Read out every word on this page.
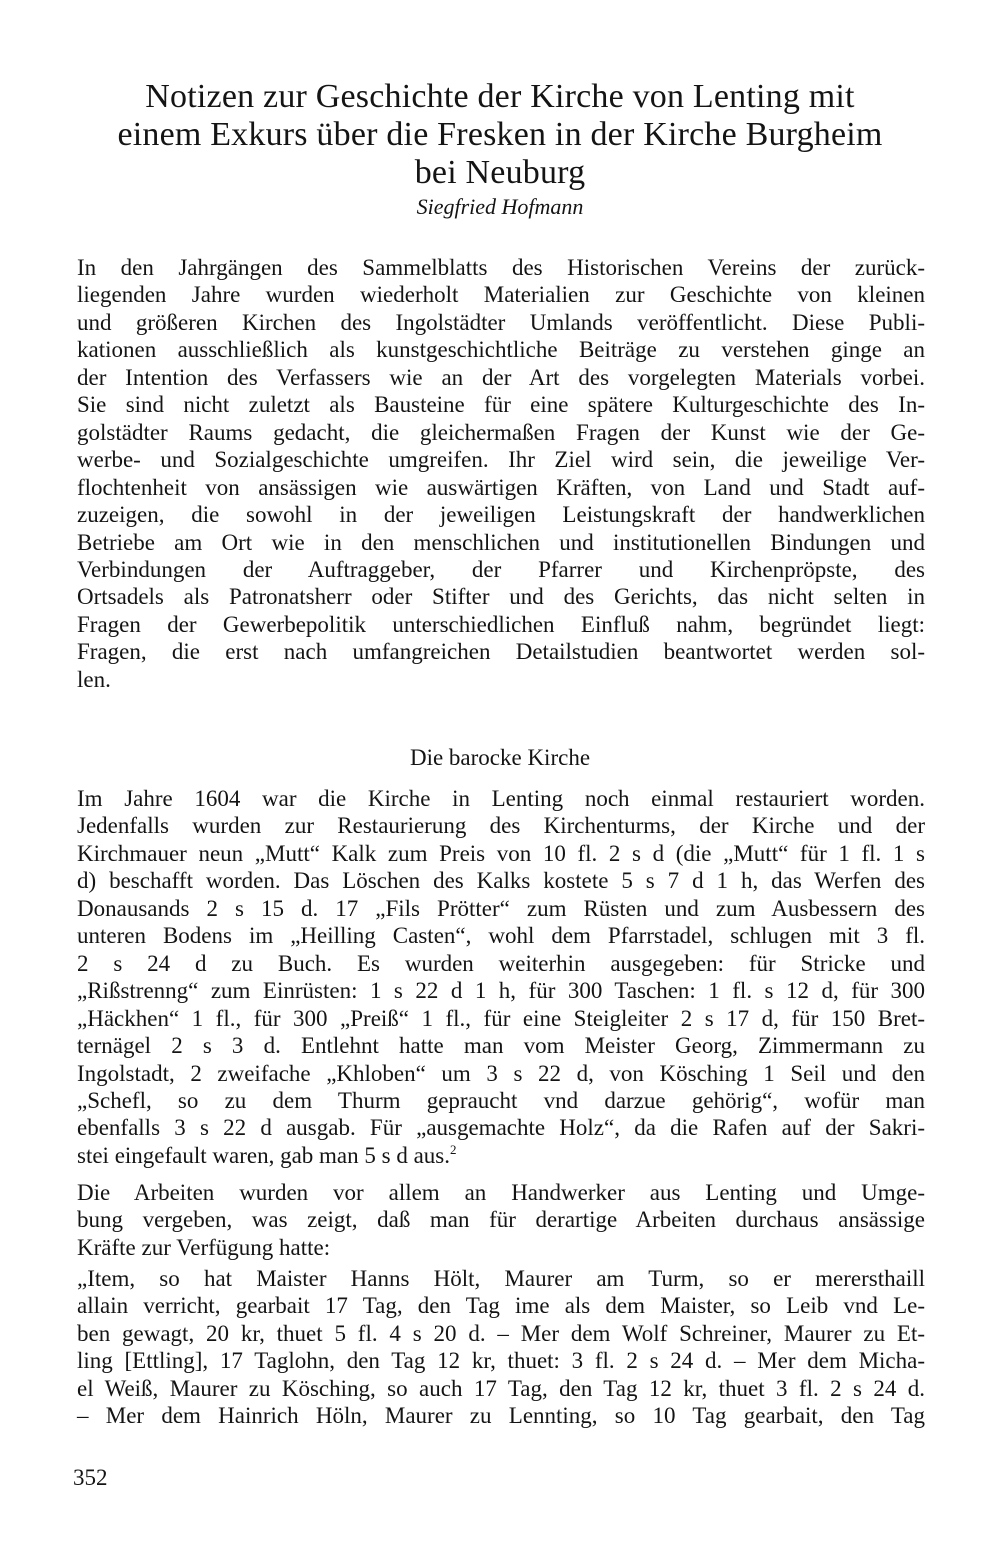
Notizen zur Geschichte der Kirche von Lenting mit
einem Exkurs über die Fresken in der Kirche Burgheim
bei Neuburg

Siegfried Hofmann

In den Jahrgängen des Sammelblatts des Historischen Vereins der zurück-
liegenden Jahre wurden wiederholt Materialien zur Geschichte von kleinen
und größeren Kirchen des Ingolstädter Umlands veröffentlicht. Diese Publi-
kationen ausschließlich als kunstgeschichtliche Beiträge zu verstehen ginge an
der Intention des Verfassers wie an der Art des vorgelegten Materials vorbei.
Sie sind nicht zuletzt als Bausteine für eine spätere Kulturgeschichte des In-
golstädter Raums gedacht, die gleichermaßen Fragen der Kunst wie der Ge-
werbe- und Sozialgeschichte umgreifen. Ihr Ziel wird sein, die jeweilige Ver-
flochtenheit von ansässigen wie auswärtigen Kräften, von Land und Stadt auf-
zuzeigen, die sowohl in der jeweiligen Leistungskraft der handwerklichen
Betriebe am Ort wie in den menschlichen und institutionellen Bindungen und
Verbindungen der Auftraggeber, der Pfarrer und Kirchenpröpste, des
Ortsadels als Patronatsherr oder Stifter und des Gerichts, das nicht selten in
Fragen der Gewerbepolitik unterschiedlichen Einfluß nahm, begründet liegt:
Fragen, die erst nach umfangreichen Detailstudien beantwortet werden sol-
len.
Die barocke Kirche
Im Jahre 1604 war die Kirche in Lenting noch einmal restauriert worden.
Jedenfalls wurden zur Restaurierung des Kirchenturms, der Kirche und der
Kirchmauer neun „Mutt“ Kalk zum Preis von 10 fl. 2 s d (die „Mutt“ für 1 fl. 1 s
d) beschafft worden. Das Löschen des Kalks kostete 5 s 7 d 1 h, das Werfen des
Donausands 2 s 15 d. 17 „Fils Prötter“ zum Rüsten und zum Ausbessern des
unteren Bodens im „Heilling Casten“, wohl dem Pfarrstadel, schlugen mit 3 fl.
2 s 24 d zu Buch. Es wurden weiterhin ausgegeben: für Stricke und
„Rißstrenng“ zum Einrüsten: 1 s 22 d 1 h, für 300 Taschen: 1 fl. s 12 d, für 300
„Häckhen“ 1 fl., für 300 „Preiß“ 1 fl., für eine Steigleiter 2 s 17 d, für 150 Bret-
ternägel 2 s 3 d. Entlehnt hatte man vom Meister Georg, Zimmermann zu
Ingolstadt, 2 zweifache „Khloben“ um 3 s 22 d, von Kösching 1 Seil und den
„Schefl, so zu dem Thurm gepraucht vnd darzue gehörig“, wofür man
ebenfalls 3 s 22 d ausgab. Für „ausgemachte Holz“, da die Rafen auf der Sakri-
stei eingefault waren, gab man 5 s d aus.$^2$
Die Arbeiten wurden vor allem an Handwerker aus Lenting und Umge-
bung vergeben, was zeigt, daß man für derartige Arbeiten durchaus ansässige
Kräfte zur Verfügung hatte:
„Item, so hat Maister Hanns Hölt, Maurer am Turm, so er merersthaill
allain verricht, gearbait 17 Tag, den Tag ime als dem Maister, so Leib vnd Le-
ben gewagt, 20 kr, thuet 5 fl. 4 s 20 d. – Mer dem Wolf Schreiner, Maurer zu Et-
ling [Ettling], 17 Taglohn, den Tag 12 kr, thuet: 3 fl. 2 s 24 d. – Mer dem Micha-
el Weiß, Maurer zu Kösching, so auch 17 Tag, den Tag 12 kr, thuet 3 fl. 2 s 24 d.
– Mer dem Hainrich Höln, Maurer zu Lennting, so 10 Tag gearbait, den Tag

352
